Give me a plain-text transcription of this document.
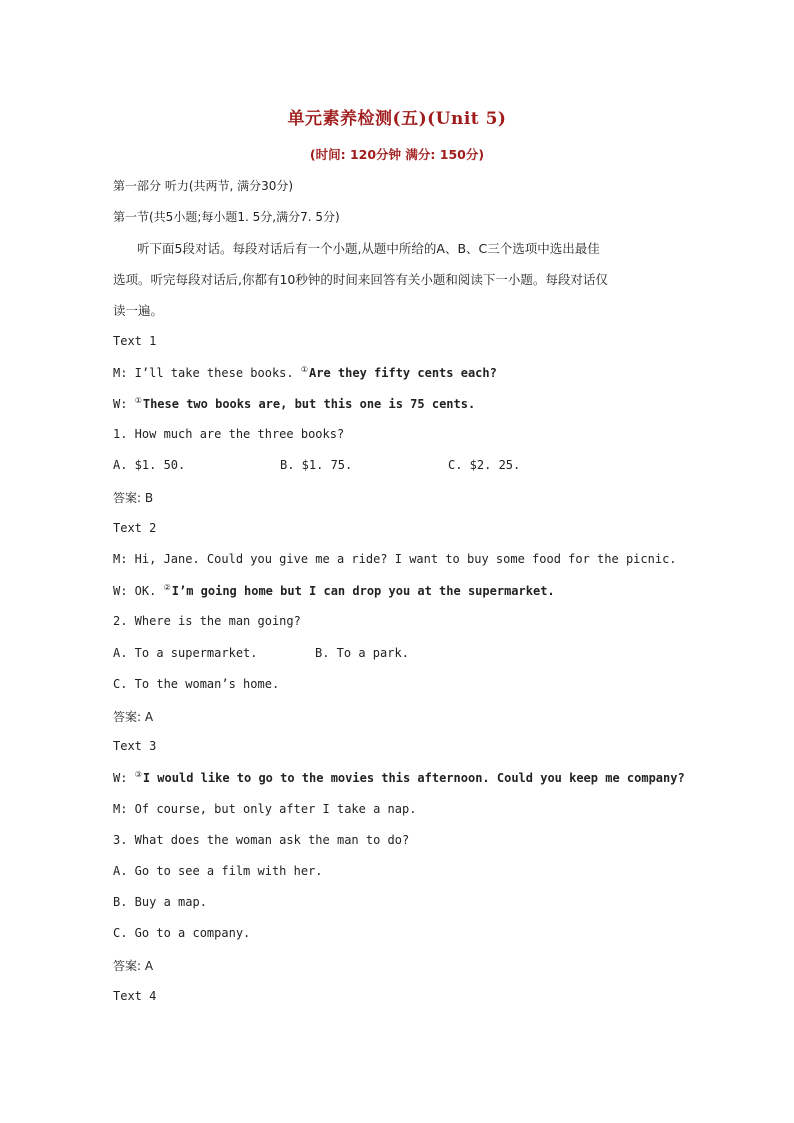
单元素养检测(五)(Unit 5)
(时间: 120分钟 满分: 150分)
第一部分 听力(共两节, 满分30分)
第一节(共5小题;每小题1. 5分,满分7. 5分)
听下面5段对话。每段对话后有一个小题,从题中所给的A、B、C三个选项中选出最佳
选项。听完每段对话后,你都有10秒钟的时间来回答有关小题和阅读下一小题。每段对话仅
读一遍。
Text 1
M: I’ll take these books. ①Are they fifty cents each?
W: ①These two books are, but this one is 75 cents.
1. How much are the three books?
A. $1. 50.	B. $1. 75.	C. $2. 25.
答案: B
Text 2
M: Hi, Jane. Could you give me a ride? I want to buy some food for the picnic.
W: OK. ②I’m going home but I can drop you at the supermarket.
2. Where is the man going?
A. To a supermarket.	B. To a park.
C. To the woman’s home.
答案: A
Text 3
W: ③I would like to go to the movies this afternoon. Could you keep me company?
M: Of course, but only after I take a nap.
3. What does the woman ask the man to do?
A. Go to see a film with her.
B. Buy a map.
C. Go to a company.
答案: A
Text 4
